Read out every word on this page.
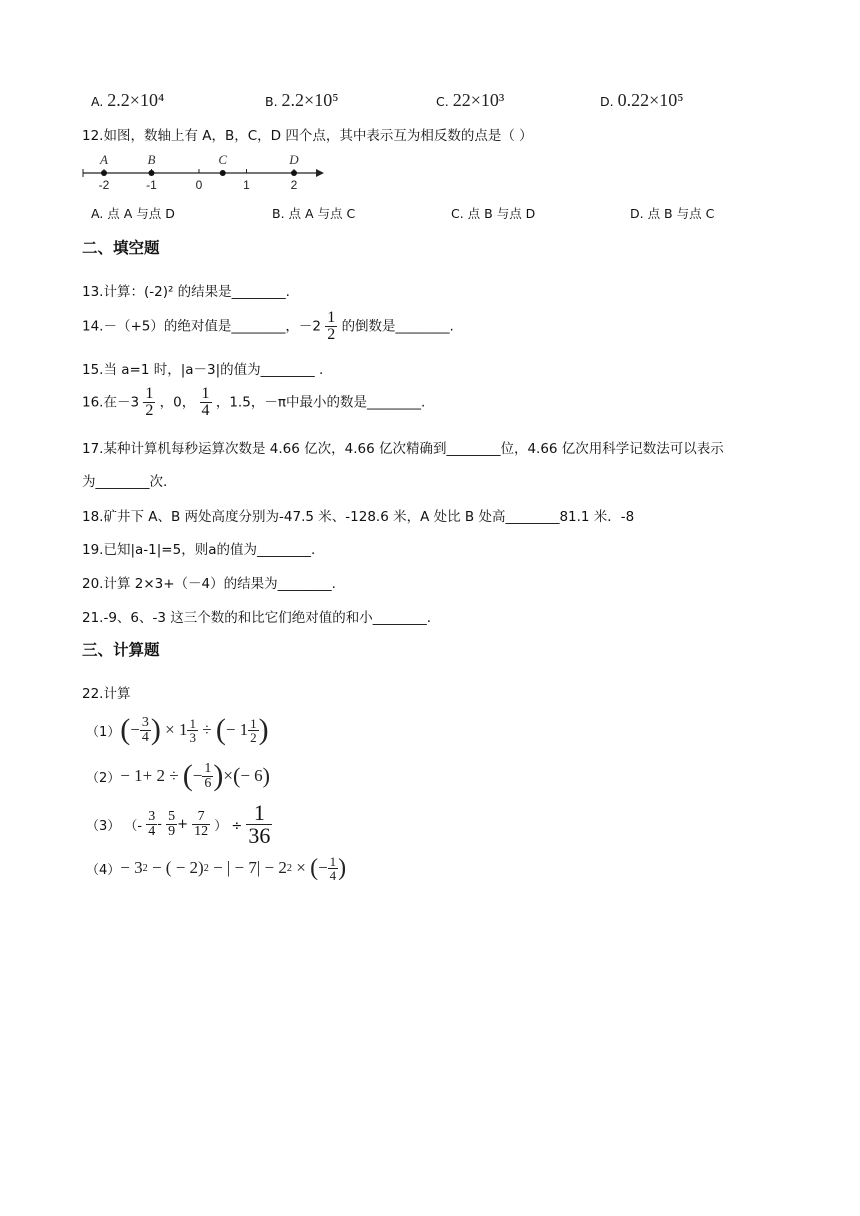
A. 2.2×10⁴	B. 2.2×10⁵	C. 22×10³	D. 0.22×10⁵
12.如图，数轴上有 A，B，C，D 四个点，其中表示互为相反数的点是（ ）
A	B	C	D
-2	-1	0	1	2
A. 点 A 与点 D	B. 点 A 与点 C	C. 点 B 与点 D	D. 点 B 与点 C
二、填空题
13.计算：(-2)² 的结果是________.
14.－（+5）的绝对值是________，$-2 \frac{1}{2}$ 的倒数是________.
15.当 a=1 时，|a－3|的值为________ .
16.在$-3 \frac{1}{2}$ ，0， $\frac{1}{4}$ ，1.5，－π中最小的数是________.
17.某种计算机每秒运算次数是 4.66 亿次，4.66 亿次精确到________位，4.66 亿次用科学记数法可以表示
为________次.
18.矿井下 A、B 两处高度分别为-47.5 米、-128.6 米，A 处比 B 处高________81.1 米．-8
19.已知|a-1|=5，则a的值为________.
20.计算 2×3+（－4）的结果为________.
21.-9、6、-3 这三个数的和比它们绝对值的和小________.
三、计算题
22.计算
（1） ( − $\frac{3}{4}$ ) × $1 \frac{1}{3}$ ÷ ( − $1 \frac{1}{2}$ )
（2） − 1+ 2 ÷ ( − $\frac{1}{6}$ ) × ( − 6 )
（3） （- $\frac{3}{4} - \frac{5}{9} + \frac{7}{12}$ ） ÷ $\frac{1}{36}$
（4） − 3 2 − ( − 2) 2 − | − 7| − 2 2 × ( − $\frac{1}{4}$ )
